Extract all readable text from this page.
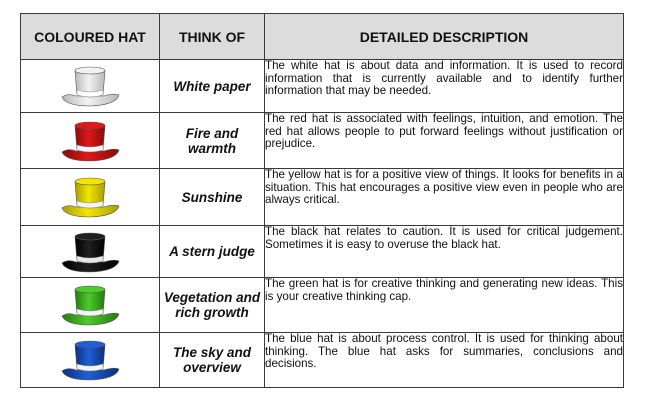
COLOURED HAT	THINK OF	DETAILED DESCRIPTION

	White paper	The white hat is about data and information. It is used to record information that is currently available and to identify further information that may be needed.

	Fire and warmth	The red hat is associated with feelings, intuition, and emotion. The red hat allows people to put forward feelings without justification or prejudice.

	Sunshine	The yellow hat is for a positive view of things. It looks for benefits in a situation. This hat encourages a positive view even in people who are always critical.

	A stern judge	The black hat relates to caution. It is used for critical judgement. Sometimes it is easy to overuse the black hat.

	Vegetation and rich growth	The green hat is for creative thinking and generating new ideas. This is your creative thinking cap.

	The sky and overview	The blue hat is about process control. It is used for thinking about thinking. The blue hat asks for summaries, conclusions and decisions.
